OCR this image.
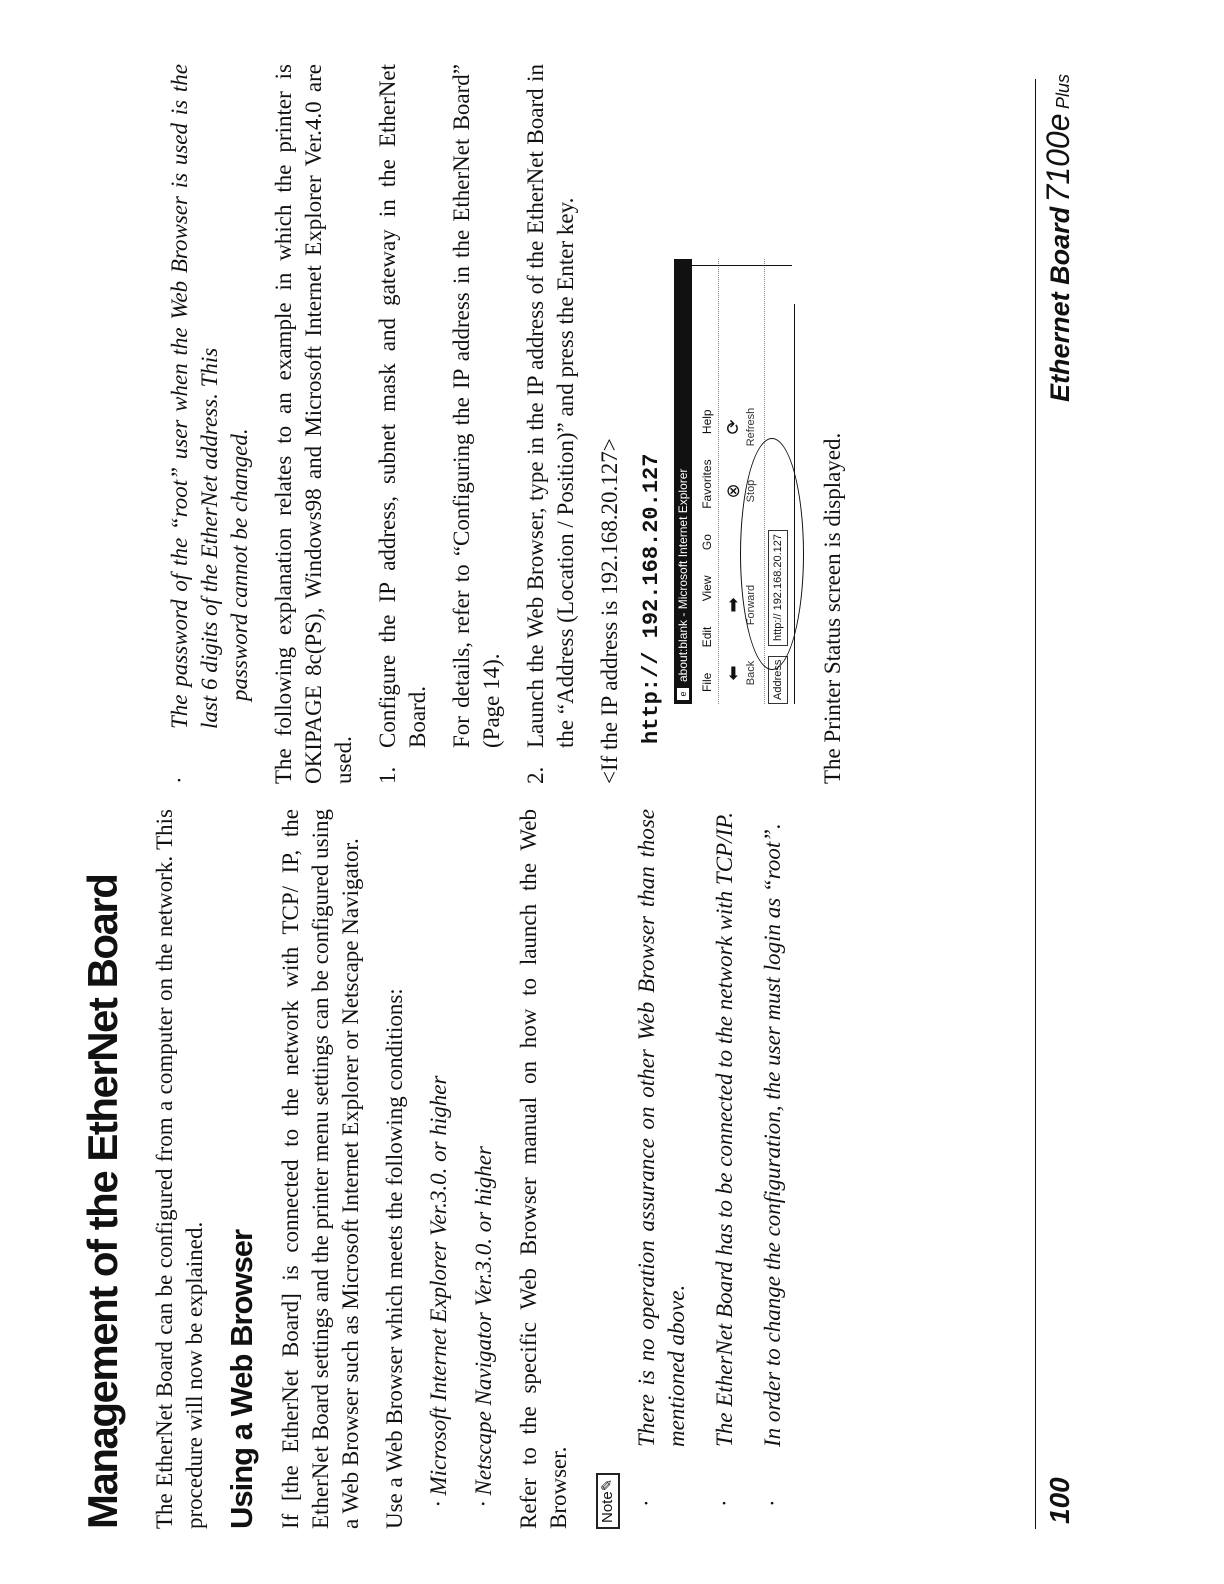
Management of the EtherNet Board The EtherNet Board can be configured from a computer on the network. This procedure will now be explained. Using a Web Browser If [the EtherNet Board] is connected to the network with TCP/ IP, the EtherNet Board settings and the printer menu settings can be configured using a Web Browser such as Microsoft Internet Explorer or Netscape Navigator. Use a Web Browser which meets the following conditions: · Microsoft Internet Explorer Ver.3.0. or higher · Netscape Navigator Ver.3.0. or higher Refer to the specific Web Browser manual on how to launch the Web Browser. Note✎
·
There is no operation assurance on other Web Browser than those mentioned above.
·
The EtherNet Board has to be connected to the network with TCP/IP.
·
In order to change the configuration, the user must login as “root”.
·
The password of the “root” user when the Web Browser is used is the last 6 digits of the EtherNet address. This password cannot be changed. The following explanation relates to an example in which the printer is OKIPAGE 8c(PS), Windows98 and Microsoft Internet Explorer Ver.4.0 are used. 1.
Configure the IP address, subnet mask and gateway in the EtherNet Board. For details, refer to “Configuring the IP address in the EtherNet Board” (Page 14).

2.
Launch the Web Browser, type in the IP address of the EtherNet Board in the “Address (Location / Position)” and press the Enter key. <If the IP address is 192.168.20.127> http:// 192.168.20.127 e
about:blank - Microsoft Internet Explorer
File Edit View Go Favorites Help
⬅ Back
➡ Forward
⊗ Stop
⟳ Refresh
Address
http:// 192.168.20.127 The Printer Status screen is displayed.

100
Ethernet Board 7100e Plus
